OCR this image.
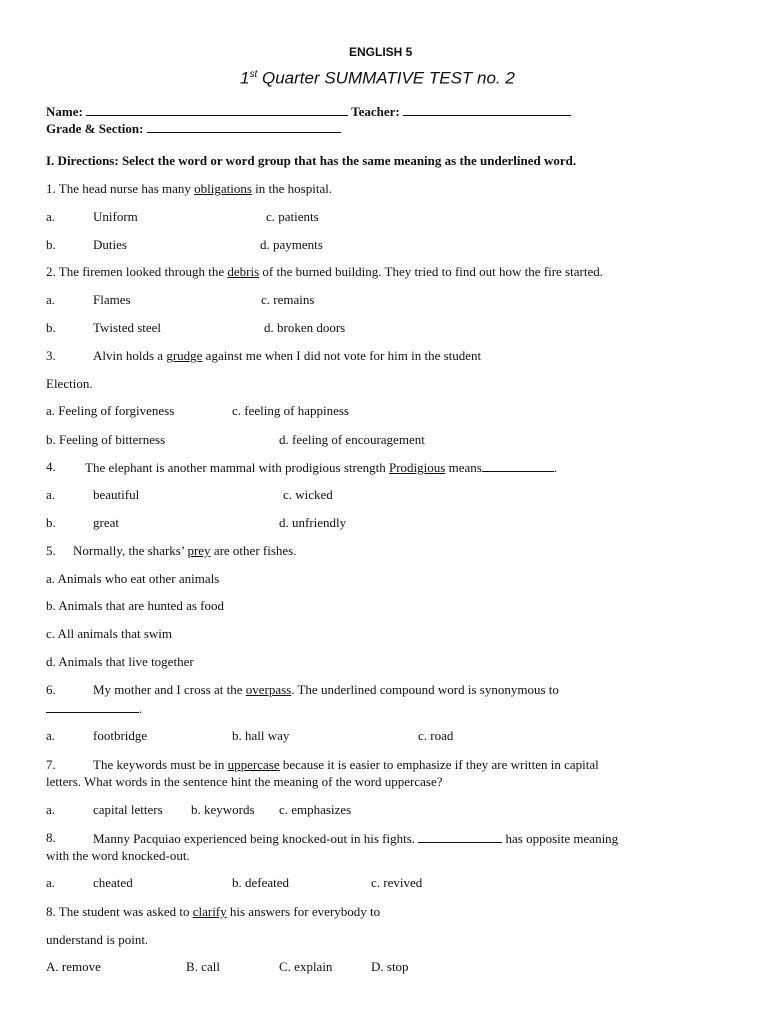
ENGLISH 5
1st Quarter SUMMATIVE TEST no. 2
Name:	Teacher:
Grade & Section:
I. Directions: Select the word or word group that has the same meaning as the underlined word.
1. The head nurse has many obligations in the hospital.
a.	Uniform	c. patients
b.	Duties	d. payments
2. The firemen looked through the debris of the burned building. They tried to find out how the fire started.
a.	Flames	c. remains
b.	Twisted steel	d. broken doors
3.	Alvin holds a grudge against me when I did not vote for him in the student
Election.
a. Feeling of forgiveness	c. feeling of happiness
b. Feeling of bitterness	d. feeling of encouragement
4. The elephant is another mammal with prodigious strength Prodigious means	.
a.	beautiful	c. wicked
b.	great	d. unfriendly
5. Normally, the sharks’ prey are other fishes.
a. Animals who eat other animals
b. Animals that are hunted as food
c. All animals that swim
d. Animals that live together
6.	My mother and I cross at the overpass. The underlined compound word is synonymous to
.
a.	footbridge	b. hall way	c. road
7.	The keywords must be in uppercase because it is easier to emphasize if they are written in capital
letters. What words in the sentence hint the meaning of the word uppercase?
a.	capital letters b. keywords c. emphasizes
8.	Manny Pacquiao experienced being knocked-out in his fights.	has opposite meaning
with the word knocked-out.
a.	cheated	b. defeated	c. revived
8. The student was asked to clarify his answers for everybody to
understand is point.
A. remove	B. call	C. explain	D. stop
